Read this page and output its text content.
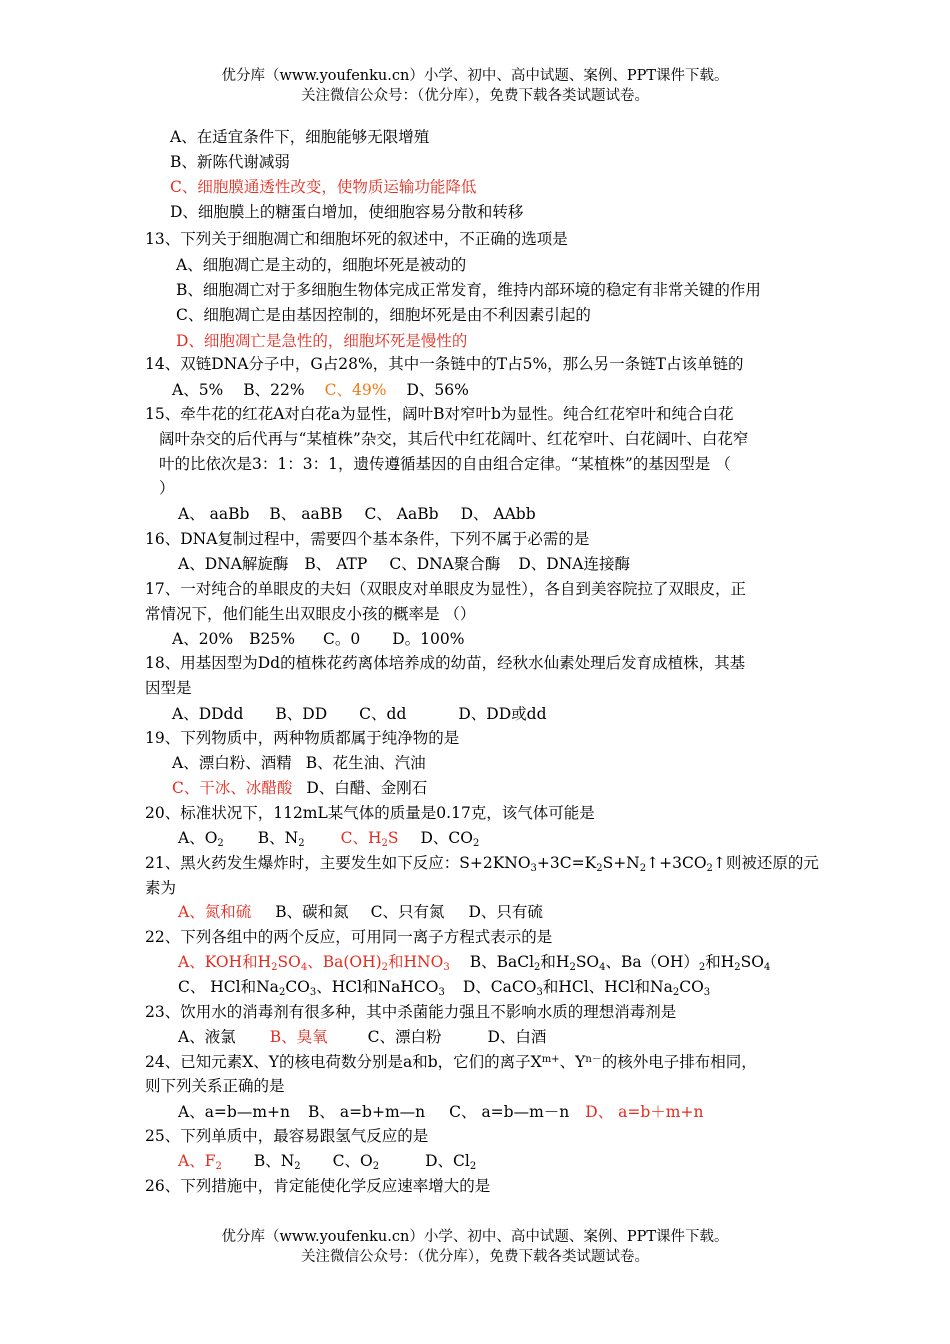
优分库（www.youfenku.cn）小学、初中、高中试题、案例、PPT课件下载。
关注微信公众号：（优分库），免费下载各类试题试卷。
A、在适宜条件下，细胞能够无限增殖
B、新陈代谢减弱
C、细胞膜通透性改变，使物质运输功能降低
D、细胞膜上的糖蛋白增加，使细胞容易分散和转移
13、下列关于细胞凋亡和细胞坏死的叙述中，不正确的选项是
A、细胞凋亡是主动的，细胞坏死是被动的
B、细胞凋亡对于多细胞生物体完成正常发育，维持内部环境的稳定有非常关键的作用
C、细胞凋亡是由基因控制的，细胞坏死是由不利因素引起的
D、细胞凋亡是急性的，细胞坏死是慢性的
14、双链DNA分子中，G占28%，其中一条链中的T占5%，那么另一条链T占该单链的
A、5% B、22% C、49% D、56%
15、牵牛花的红花A对白花a为显性，阔叶B对窄叶b为显性。纯合红花窄叶和纯合白花
阔叶杂交的后代再与“某植株”杂交，其后代中红花阔叶、红花窄叶、白花阔叶、白花窄
叶的比依次是3：1：3：1，遗传遵循基因的自由组合定律。“某植株”的基因型是 （
）
A、 aaBb B、 aaBB C、 AaBb D、 AAbb
16、DNA复制过程中，需要四个基本条件，下列不属于必需的是
A、DNA解旋酶 B、 ATP C、DNA聚合酶 D、DNA连接酶
17、一对纯合的单眼皮的夫妇（双眼皮对单眼皮为显性），各自到美容院拉了双眼皮，正
常情况下，他们能生出双眼皮小孩的概率是 （）
A、20% B25% C。0 D。100%
18、用基因型为Dd的植株花药离体培养成的幼苗，经秋水仙素处理后发育成植株，其基
因型是
A、DDdd B、DD C、dd	D、DD或dd
19、下列物质中，两种物质都属于纯净物的是
A、漂白粉、酒精 B、花生油、汽油
C、干冰、冰醋酸 D、白醋、金刚石
20、标准状况下，112mL某气体的质量是0.17克，该气体可能是
A、$O_2$ B、$N_2$ C、$H_2S$ D、$CO_2$
21、黑火药发生爆炸时，主要发生如下反应：$S+2KNO_3+3C=K_2S+N_2↑+3CO_2↑$则被还原的元
素为
A、氮和硫 B、碳和氮 C、只有氮 D、只有硫
22、下列各组中的两个反应，可用同一离子方程式表示的是
A、KOH和$H_2SO_4$、$Ba(OH)_2$和$HNO_3$ B、BaCl$_2$和$H_2SO_4$、$Ba(OH)_2$和$H_2SO_4$
C、 HCl和$Na_2CO_3$、HCl和NaHCO$_3$ D、CaCO$_3$和HCl、HCl和$Na_2CO_3$
23、饮用水的消毒剂有很多种，其中杀菌能力强且不影响水质的理想消毒剂是
A、液氯 B、臭氧	C、漂白粉	D、白酒
24、已知元素X、Y的核电荷数分别是a和b，它们的离子$X^{m+}$、$Y^{n-}$的核外电子排布相同，
则下列关系正确的是
A、a=b—m+n B、 a=b+m—n C、 a=b—m－n D、 a=b＋m+n
25、下列单质中，最容易跟氢气反应的是
A、$F_2$ B、$N_2$ C、$O_2$	D、$Cl_2$
26、下列措施中，肯定能使化学反应速率增大的是
优分库（www.youfenku.cn）小学、初中、高中试题、案例、PPT课件下载。
关注微信公众号：（优分库），免费下载各类试题试卷。
